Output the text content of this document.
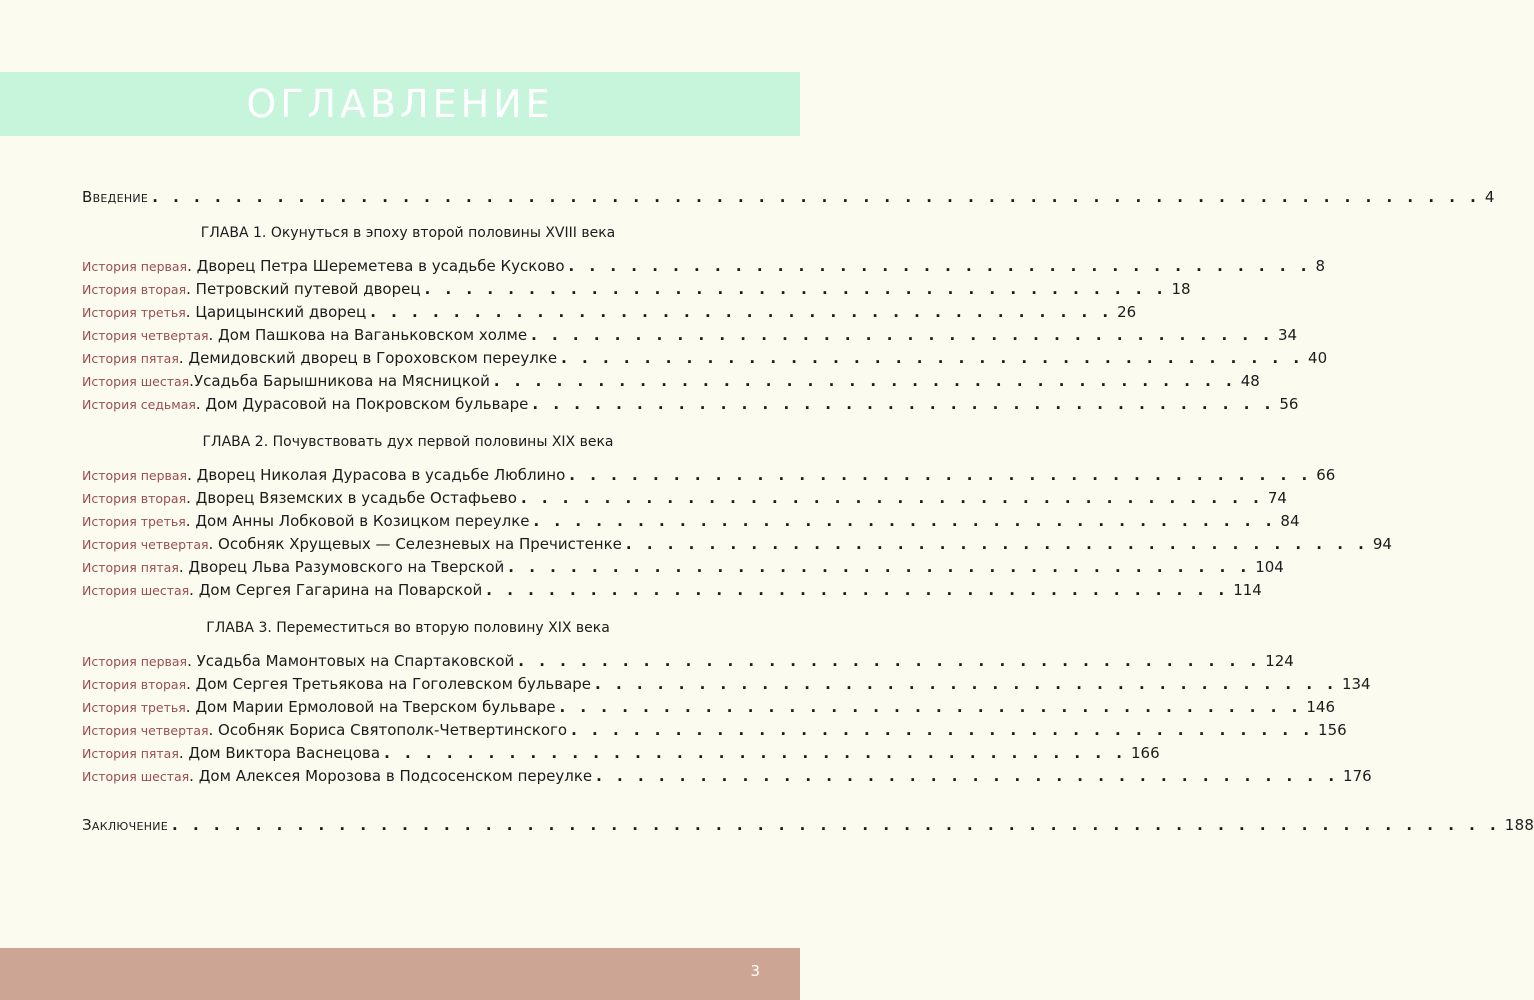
ОГЛАВЛЕНИЕ
Введение . . . . . . . . . . . . . . . . . . . . . . . . . . . . . . . . . . . . . . . . . . . . . . . . . . . . . . . . . . . . . . . . 4
ГЛАВА 1. Окунуться в эпоху второй половины XVIII века
История первая . Дворец Петра Шереметева в усадьбе Кусково . . . . . . . . . . . . . . . . . . . . . . . . . . . . . . . . . . . . 8
История вторая . Петровский путевой дворец . . . . . . . . . . . . . . . . . . . . . . . . . . . . . . . . . . . . 18
История третья . Царицынский дворец . . . . . . . . . . . . . . . . . . . . . . . . . . . . . . . . . . . . 26
История четвертая . Дом Пашкова на Ваганьковском холме . . . . . . . . . . . . . . . . . . . . . . . . . . . . . . . . . . . . 34
История пятая . Демидовский дворец в Гороховском переулке . . . . . . . . . . . . . . . . . . . . . . . . . . . . . . . . . . . . 40
История шестая .Усадьба Барышникова на Мясницкой . . . . . . . . . . . . . . . . . . . . . . . . . . . . . . . . . . . . 48
История седьмая . Дом Дурасовой на Покровском бульваре . . . . . . . . . . . . . . . . . . . . . . . . . . . . . . . . . . . . 56
ГЛАВА 2. Почувствовать дух первой половины XIX века
История первая . Дворец Николая Дурасова в усадьбе Люблино . . . . . . . . . . . . . . . . . . . . . . . . . . . . . . . . . . . . 66
История вторая . Дворец Вяземских в усадьбе Остафьево . . . . . . . . . . . . . . . . . . . . . . . . . . . . . . . . . . . . 74
История третья . Дом Анны Лобковой в Козицком переулке . . . . . . . . . . . . . . . . . . . . . . . . . . . . . . . . . . . . 84
История четвертая . Особняк Хрущевых — Селезневых на Пречистенке . . . . . . . . . . . . . . . . . . . . . . . . . . . . . . . . . . . . 94
История пятая . Дворец Льва Разумовского на Тверской . . . . . . . . . . . . . . . . . . . . . . . . . . . . . . . . . . . . 104
История шестая . Дом Сергея Гагарина на Поварской . . . . . . . . . . . . . . . . . . . . . . . . . . . . . . . . . . . . 114
ГЛАВА 3. Переместиться во вторую половину XIX века
История первая . Усадьба Мамонтовых на Спартаковской . . . . . . . . . . . . . . . . . . . . . . . . . . . . . . . . . . . . 124
История вторая . Дом Сергея Третьякова на Гоголевском бульваре . . . . . . . . . . . . . . . . . . . . . . . . . . . . . . . . . . . . 134
История третья . Дом Марии Ермоловой на Тверском бульваре . . . . . . . . . . . . . . . . . . . . . . . . . . . . . . . . . . . . 146
История четвертая . Особняк Бориса Святополк-Четвертинского . . . . . . . . . . . . . . . . . . . . . . . . . . . . . . . . . . . . 156
История пятая . Дом Виктора Васнецова . . . . . . . . . . . . . . . . . . . . . . . . . . . . . . . . . . . . 166
История шестая . Дом Алексея Морозова в Подсосенском переулке . . . . . . . . . . . . . . . . . . . . . . . . . . . . . . . . . . . . 176
Заключение . . . . . . . . . . . . . . . . . . . . . . . . . . . . . . . . . . . . . . . . . . . . . . . . . . . . . . . . . . . . . . . . 188
3
